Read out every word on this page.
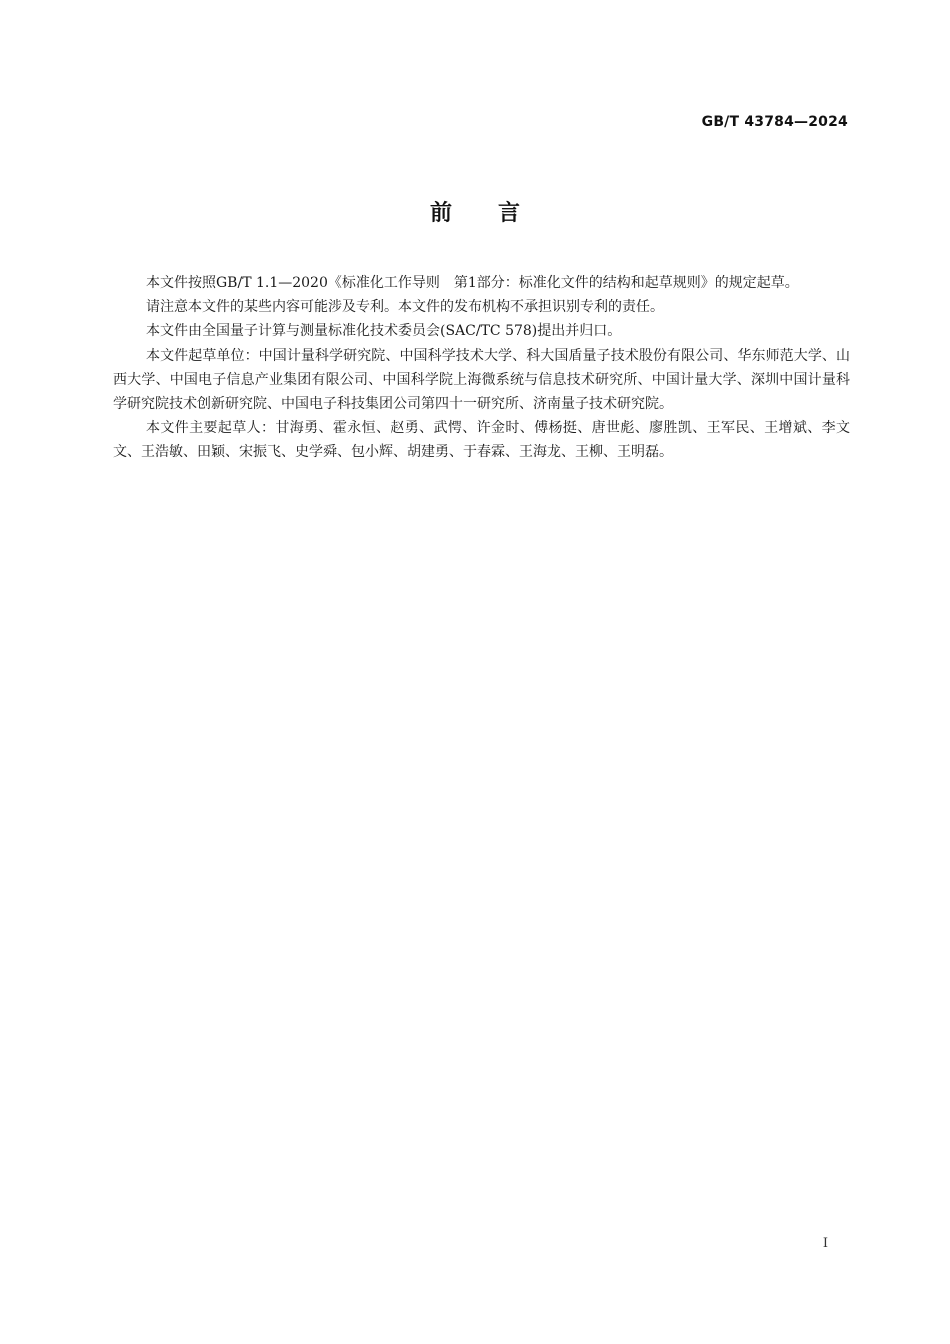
GB/T 43784—2024
前言

本文件按照GB/T 1.1—2020《标准化工作导则　第1部分：标准化文件的结构和起草规则》的规定起草。

请注意本文件的某些内容可能涉及专利。本文件的发布机构不承担识别专利的责任。

本文件由全国量子计算与测量标准化技术委员会(SAC/TC 578)提出并归口。

本文件起草单位：中国计量科学研究院、中国科学技术大学、科大国盾量子技术股份有限公司、华东师范大学、山西大学、中国电子信息产业集团有限公司、中国科学院上海微系统与信息技术研究所、中国计量大学、深圳中国计量科学研究院技术创新研究院、中国电子科技集团公司第四十一研究所、济南量子技术研究院。

本文件主要起草人：甘海勇、霍永恒、赵勇、武愕、许金时、傅杨挺、唐世彪、廖胜凯、王军民、王增斌、李文文、王浩敏、田颖、宋振飞、史学舜、包小辉、胡建勇、于春霖、王海龙、王柳、王明磊。

I
